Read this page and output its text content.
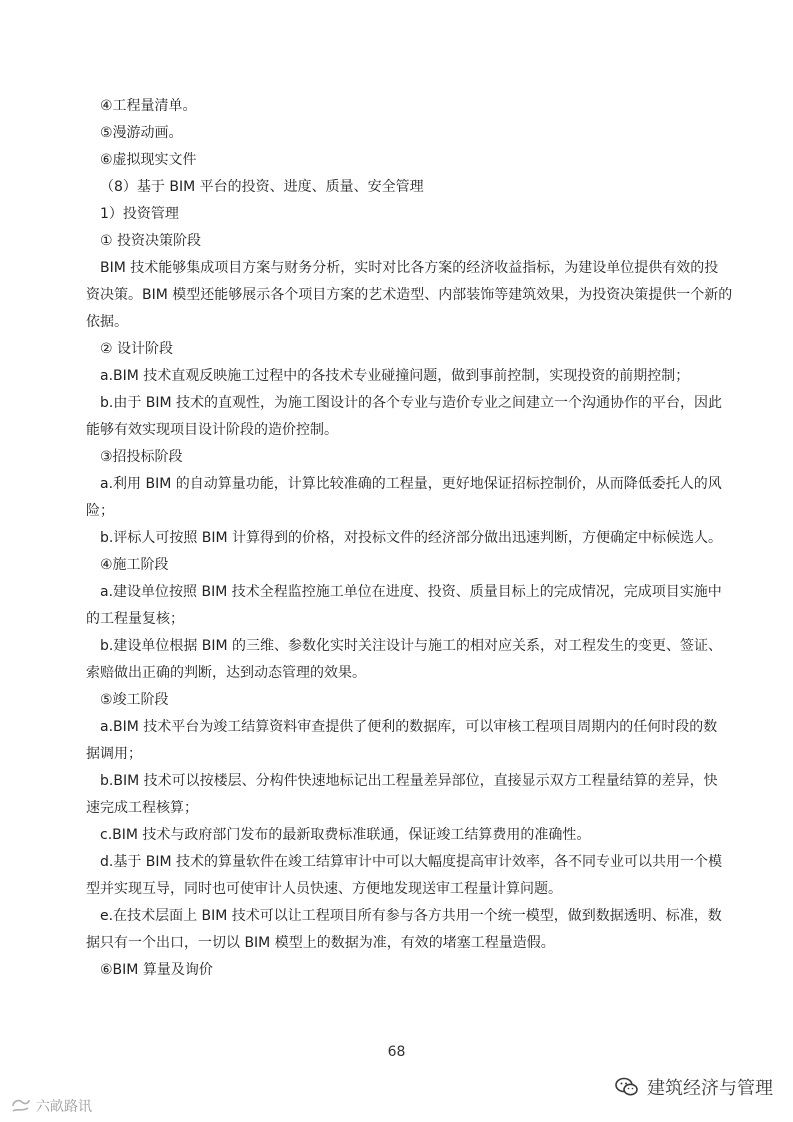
④工程量清单。
⑤漫游动画。
⑥虚拟现实文件
（8）基于 BIM 平台的投资、进度、质量、安全管理
1）投资管理
① 投资决策阶段
BIM 技术能够集成项目方案与财务分析，实时对比各方案的经济收益指标，为建设单位提供有效的投
资决策。BIM 模型还能够展示各个项目方案的艺术造型、内部装饰等建筑效果，为投资决策提供一个新的
依据。
② 设计阶段
a.BIM 技术直观反映施工过程中的各技术专业碰撞问题，做到事前控制，实现投资的前期控制；
b.由于 BIM 技术的直观性，为施工图设计的各个专业与造价专业之间建立一个沟通协作的平台，因此
能够有效实现项目设计阶段的造价控制。
③招投标阶段
a.利用 BIM 的自动算量功能，计算比较准确的工程量，更好地保证招标控制价，从而降低委托人的风
险；
b.评标人可按照 BIM 计算得到的价格，对投标文件的经济部分做出迅速判断，方便确定中标候选人。
④施工阶段
a.建设单位按照 BIM 技术全程监控施工单位在进度、投资、质量目标上的完成情况，完成项目实施中
的工程量复核；
b.建设单位根据 BIM 的三维、参数化实时关注设计与施工的相对应关系，对工程发生的变更、签证、
索赔做出正确的判断，达到动态管理的效果。
⑤竣工阶段
a.BIM 技术平台为竣工结算资料审查提供了便利的数据库，可以审核工程项目周期内的任何时段的数
据调用；
b.BIM 技术可以按楼层、分构件快速地标记出工程量差异部位，直接显示双方工程量结算的差异，快
速完成工程核算；
c.BIM 技术与政府部门发布的最新取费标准联通，保证竣工结算费用的准确性。
d.基于 BIM 技术的算量软件在竣工结算审计中可以大幅度提高审计效率，各不同专业可以共用一个模
型并实现互导，同时也可使审计人员快速、方便地发现送审工程量计算问题。
e.在技术层面上 BIM 技术可以让工程项目所有参与各方共用一个统一模型，做到数据透明、标准，数
据只有一个出口，一切以 BIM 模型上的数据为准，有效的堵塞工程量造假。
⑥BIM 算量及询价
68
建筑经济与管理
六畝路讯
